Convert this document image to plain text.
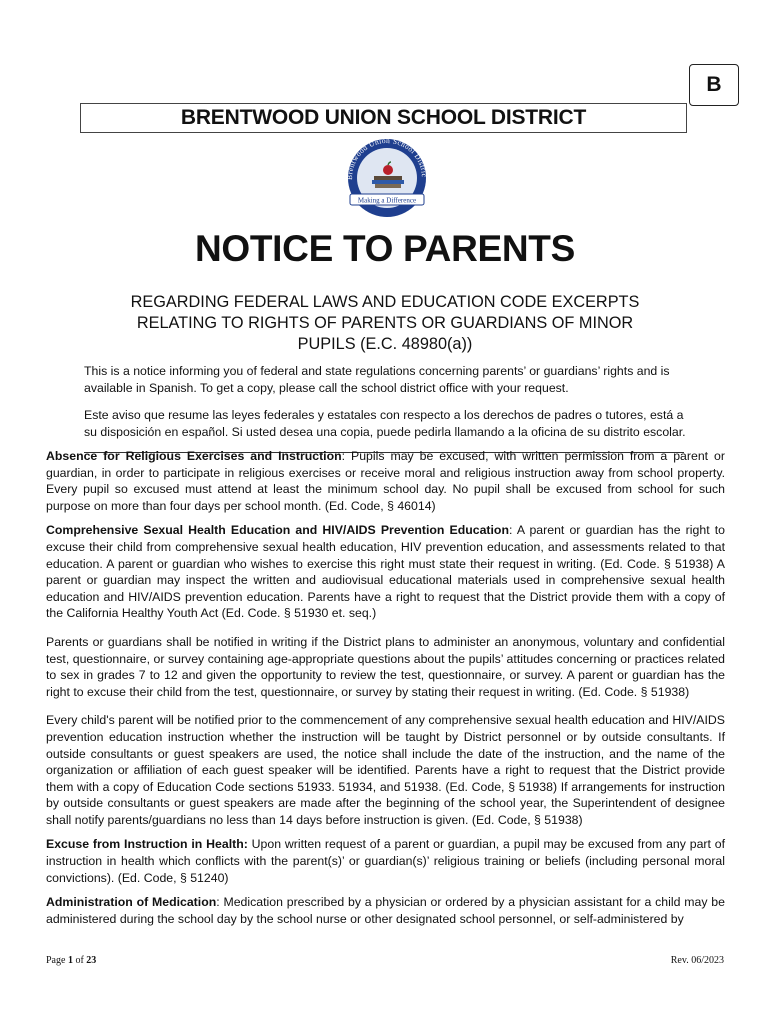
B
BRENTWOOD UNION SCHOOL DISTRICT
Brentwood Union School Distric
Making a Difference
NOTICE TO PARENTS
REGARDING FEDERAL LAWS AND EDUCATION CODE EXCERPTS
RELATING TO RIGHTS OF PARENTS OR GUARDIANS OF MINOR
PUPILS (E.C. 48980(a))

This is a notice informing you of federal and state regulations concerning parents’ or guardians’ rights and is available in Spanish. To get a copy, please call the school district office with your request.

Este aviso que resume las leyes federales y estatales con respecto a los derechos de padres o tutores, está a su disposición en español. Si usted desea una copia, puede pedirla llamando a la oficina de su distrito escolar.

Absence for Religious Exercises and Instruction: Pupils may be excused, with written permission from a parent or guardian, in order to participate in religious exercises or receive moral and religious instruction away from school property. Every pupil so excused must attend at least the minimum school day. No pupil shall be excused from school for such purpose on more than four days per school month. (Ed. Code, § 46014)

Comprehensive Sexual Health Education and HIV/AIDS Prevention Education: A parent or guardian has the right to excuse their child from comprehensive sexual health education, HIV prevention education, and assessments related to that education. A parent or guardian who wishes to exercise this right must state their request in writing. (Ed. Code. § 51938) A parent or guardian may inspect the written and audiovisual educational materials used in comprehensive sexual health education and HIV/AIDS prevention education. Parents have a right to request that the District provide them with a copy of the California Healthy Youth Act (Ed. Code. § 51930 et. seq.)

Parents or guardians shall be notified in writing if the District plans to administer an anonymous, voluntary and confidential test, questionnaire, or survey containing age-appropriate questions about the pupils’ attitudes concerning or practices related to sex in grades 7 to 12 and given the opportunity to review the test, questionnaire, or survey. A parent or guardian has the right to excuse their child from the test, questionnaire, or survey by stating their request in writing. (Ed. Code. § 51938)

Every child's parent will be notified prior to the commencement of any comprehensive sexual health education and HIV/AIDS prevention education instruction whether the instruction will be taught by District personnel or by outside consultants. If outside consultants or guest speakers are used, the notice shall include the date of the instruction, and the name of the organization or affiliation of each guest speaker will be identified. Parents have a right to request that the District provide them with a copy of Education Code sections 51933. 51934, and 51938. (Ed. Code, § 51938) If arrangements for instruction by outside consultants or guest speakers are made after the beginning of the school year, the Superintendent of designee shall notify parents/guardians no less than 14 days before instruction is given. (Ed. Code, § 51938)

Excuse from Instruction in Health: Upon written request of a parent or guardian, a pupil may be excused from any part of instruction in health which conflicts with the parent(s)’ or guardian(s)’ religious training or beliefs (including personal moral convictions). (Ed. Code, § 51240)

Administration of Medication: Medication prescribed by a physician or ordered by a physician assistant for a child may be administered during the school day by the school nurse or other designated school personnel, or self-administered by

Page 1 of 23	Rev. 06/2023
